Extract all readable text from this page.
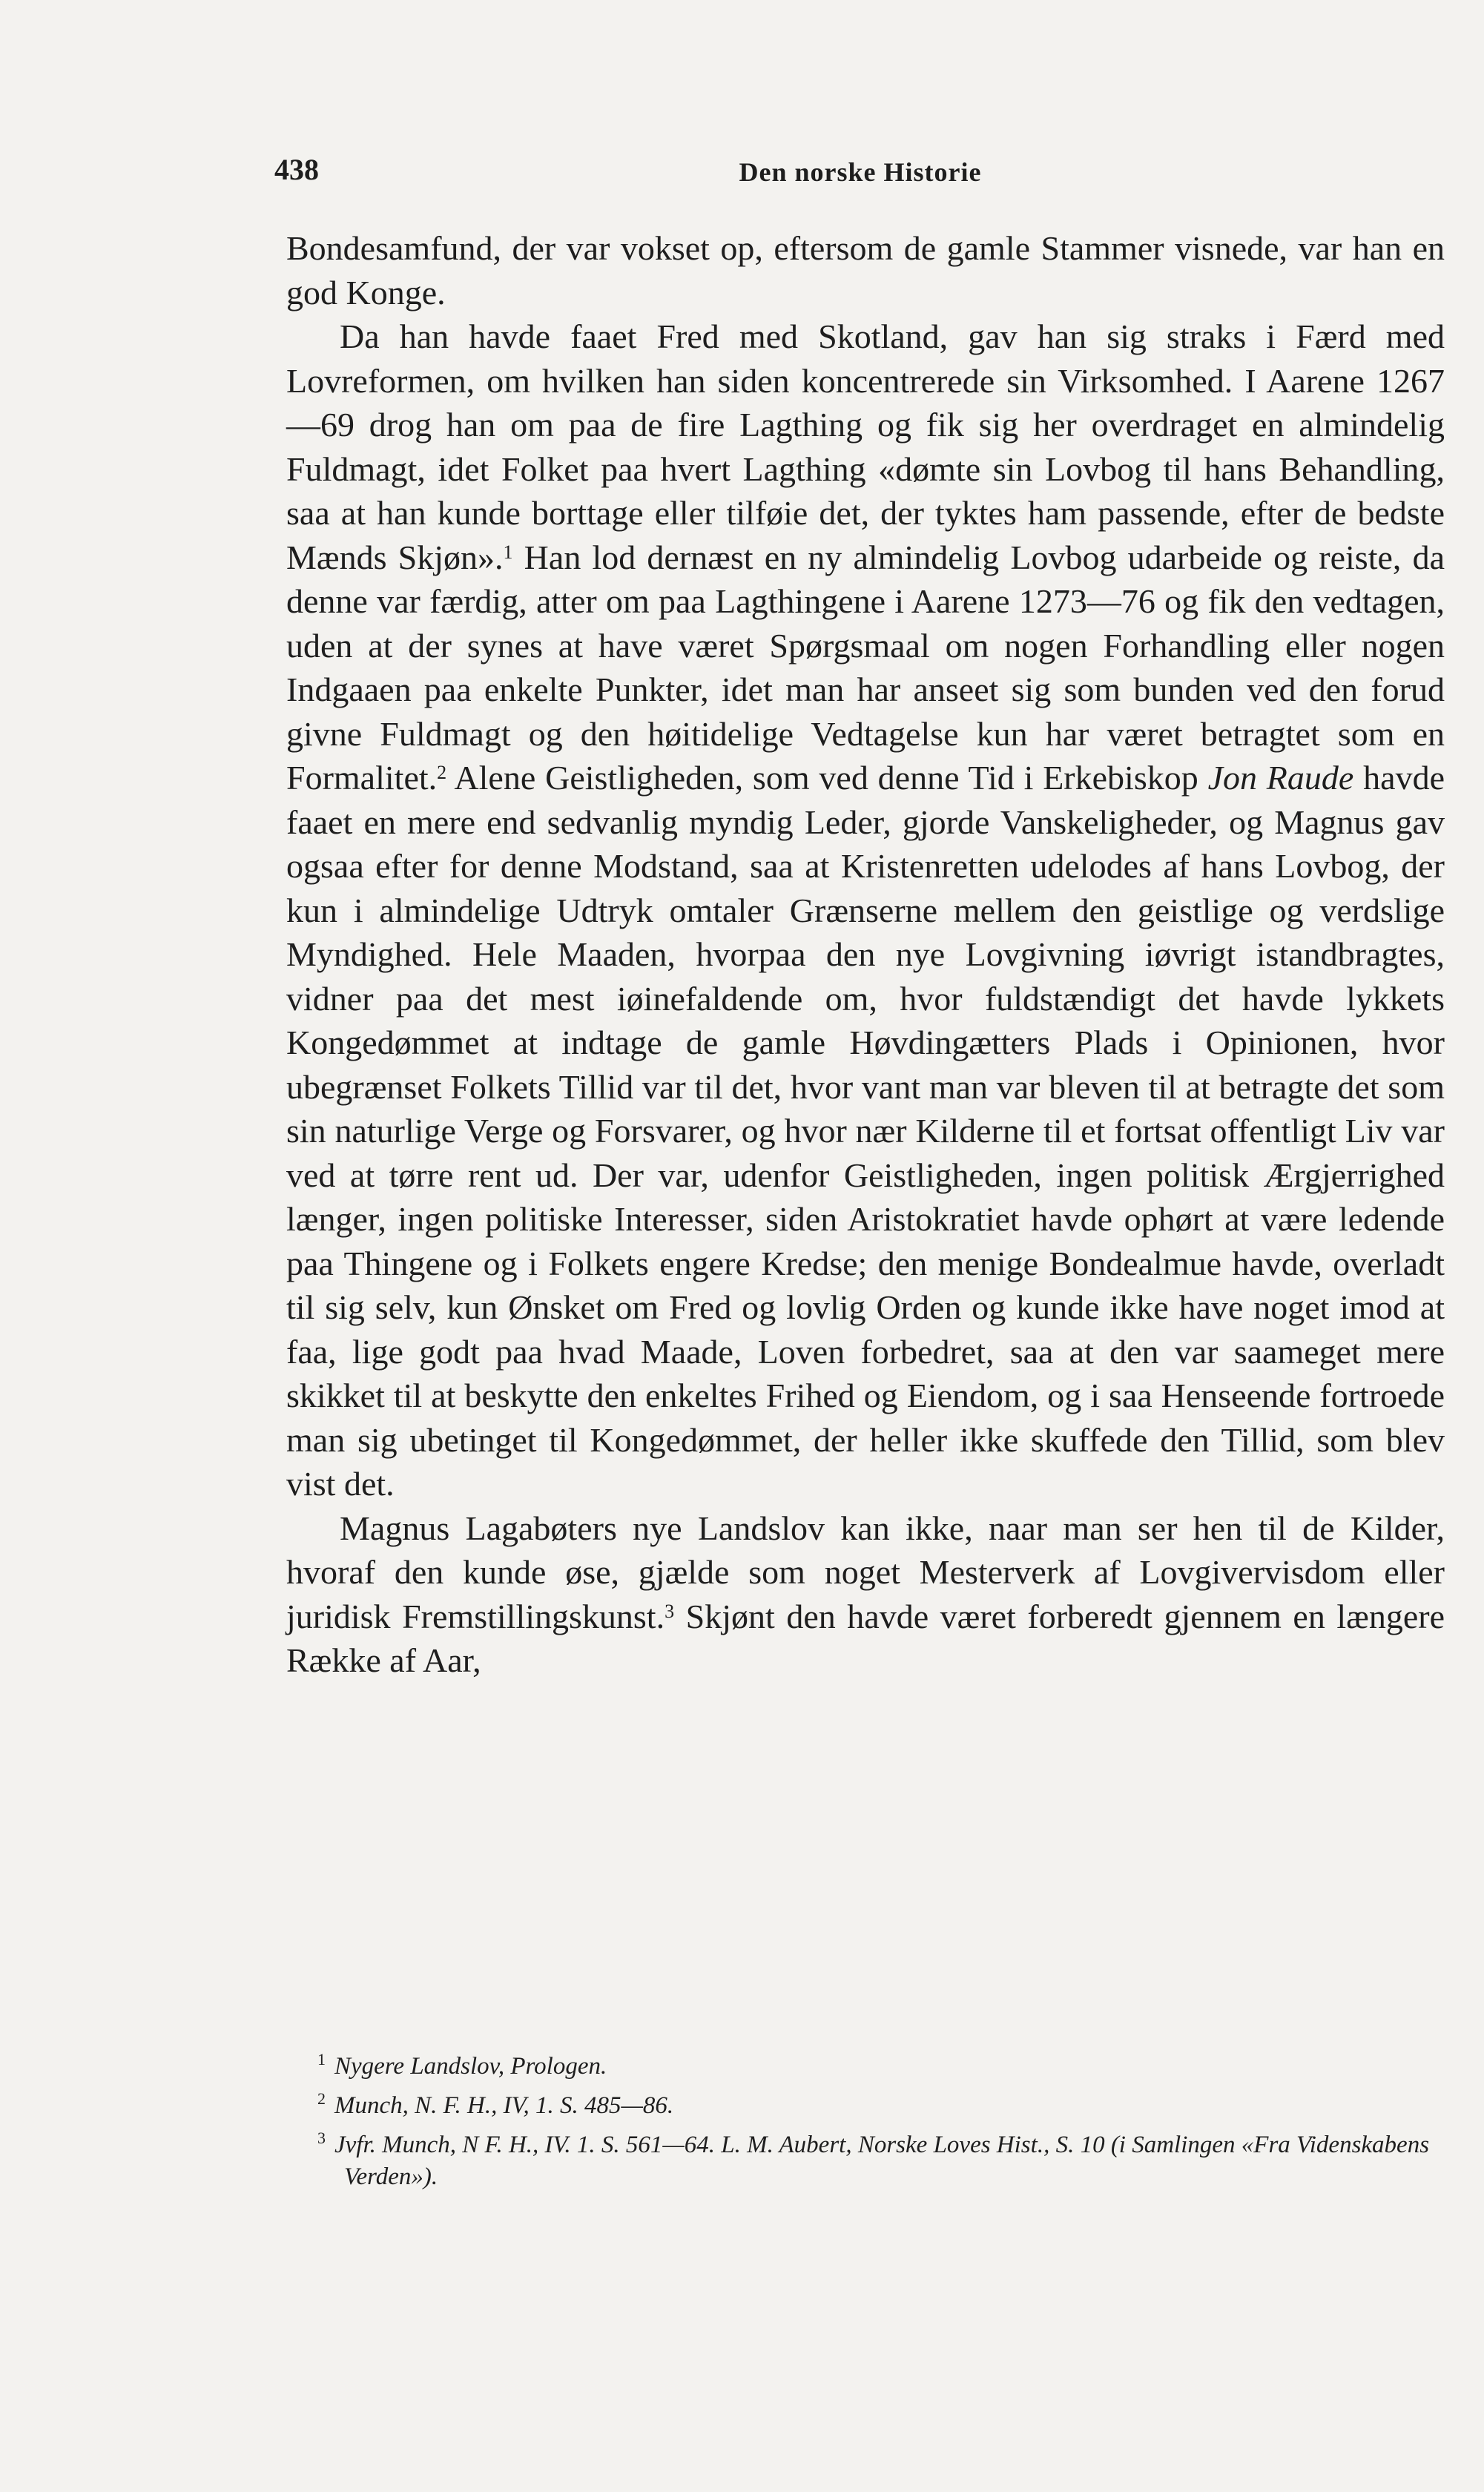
438	Den norske Historie

Bondesamfund, der var vokset op, eftersom de gamle Stammer visnede, var han en god Konge.

Da han havde faaet Fred med Skotland, gav han sig straks i Færd med Lovreformen, om hvilken han siden koncentrerede sin Virksomhed. I Aarene 1267—69 drog han om paa de fire Lagthing og fik sig her overdraget en almindelig Fuldmagt, idet Folket paa hvert Lagthing «dømte sin Lovbog til hans Behandling, saa at han kunde borttage eller tilføie det, der tyktes ham passende, efter de bedste Mænds Skjøn».$^1$ Han lod dernæst en ny almindelig Lovbog udarbeide og reiste, da denne var færdig, atter om paa Lagthingene i Aarene 1273—76 og fik den vedtagen, uden at der synes at have været Spørgsmaal om nogen Forhandling eller nogen Indgaaen paa enkelte Punkter, idet man har anseet sig som bunden ved den forud givne Fuldmagt og den høitidelige Vedtagelse kun har været betragtet som en Formalitet.$^2$ Alene Geistligheden, som ved denne Tid i Erkebiskop Jon Raude havde faaet en mere end sedvanlig myndig Leder, gjorde Vanskeligheder, og Magnus gav ogsaa efter for denne Modstand, saa at Kristenretten udelodes af hans Lovbog, der kun i almindelige Udtryk omtaler Grænserne mellem den geistlige og verdslige Myndighed. Hele Maaden, hvorpaa den nye Lovgivning iøvrigt istandbragtes, vidner paa det mest iøinefaldende om, hvor fuldstændigt det havde lykkets Kongedømmet at indtage de gamle Høvdingætters Plads i Opinionen, hvor ubegrænset Folkets Tillid var til det, hvor vant man var bleven til at betragte det som sin naturlige Verge og Forsvarer, og hvor nær Kilderne til et fortsat offentligt Liv var ved at tørre rent ud. Der var, udenfor Geistligheden, ingen politisk Ærgjerrighed længer, ingen politiske Interesser, siden Aristokratiet havde ophørt at være ledende paa Thingene og i Folkets engere Kredse; den menige Bondealmue havde, overladt til sig selv, kun Ønsket om Fred og lovlig Orden og kunde ikke have noget imod at faa, lige godt paa hvad Maade, Loven forbedret, saa at den var saameget mere skikket til at beskytte den enkeltes Frihed og Eiendom, og i saa Henseende fortroede man sig ubetinget til Kongedømmet, der heller ikke skuffede den Tillid, som blev vist det.

Magnus Lagabøters nye Landslov kan ikke, naar man ser hen til de Kilder, hvoraf den kunde øse, gjælde som noget Mesterverk af Lovgivervisdom eller juridisk Fremstillingskunst.$^3$ Skjønt den havde været forberedt gjennem en længere Række af Aar,

$^1$ Nygere Landslov, Prologen.

$^2$ Munch, N. F. H., IV, 1. S. 485—86.

$^3$ Jvfr. Munch, N F. H., IV. 1. S. 561—64. L. M. Aubert, Norske Loves Hist., S. 10 (i Samlingen «Fra Videnskabens Verden»).
